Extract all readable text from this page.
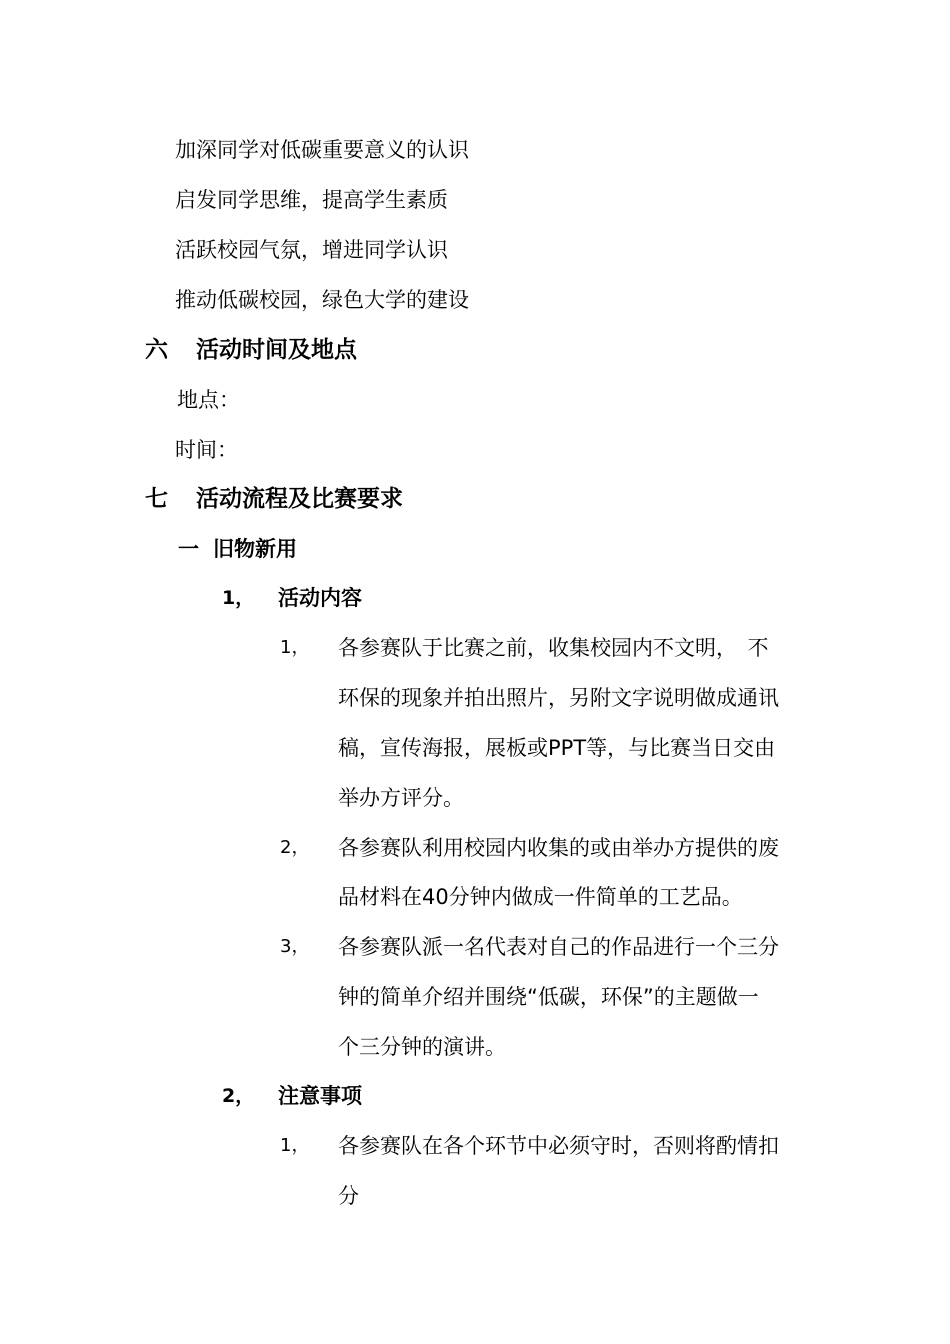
加深同学对低碳重要意义的认识
启发同学思维，提高学生素质
活跃校园气氛，增进同学认识
推动低碳校园，绿色大学的建设
六 活动时间及地点
地点：
时间：
七 活动流程及比赛要求
一 旧物新用
1， 活动内容
1， 各参赛队于比赛之前，收集校园内不文明，　不
环保的现象并拍出照片，另附文字说明做成通讯
稿，宣传海报，展板或PPT等，与比赛当日交由
举办方评分。
2， 各参赛队利用校园内收集的或由举办方提供的废
品材料在40分钟内做成一件简单的工艺品。
3， 各参赛队派一名代表对自己的作品进行一个三分
钟的简单介绍并围绕“低碳，环保”的主题做一
个三分钟的演讲。
2， 注意事项
1， 各参赛队在各个环节中必须守时，否则将酌情扣
分
